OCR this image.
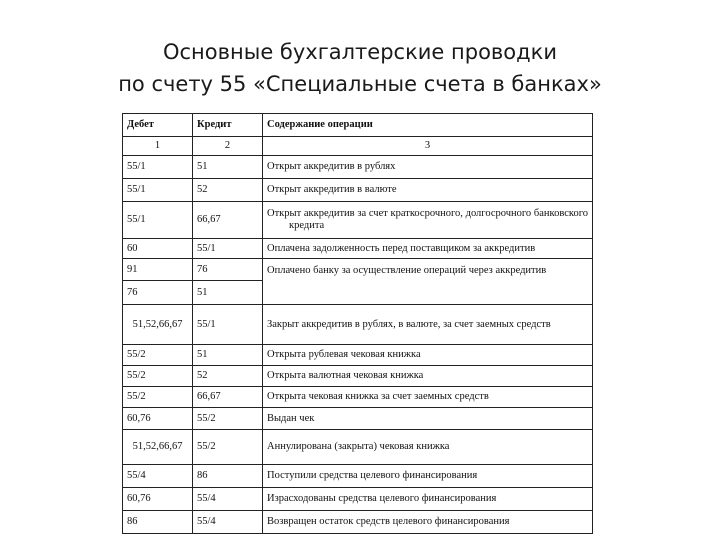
Основные бухгалтерские проводки
по счету 55 «Специальные счета в банках»
Дебет	Кредит	Содержание операции
1	2	3
55/1	51	Открыт аккредитив в рублях
55/1	52	Открыт аккредитив в валюте
55/1	66,67	Открыт аккредитив за счет краткосрочного, долгосрочного банковского кредита
60	55/1	Оплачена задолженность перед поставщиком за аккредитив
91	76	Оплачено банку за осуществление операций через аккредитив
76	51	
51,52,66,67	55/1	Закрыт аккредитив в рублях, в валюте, за счет заемных средств
55/2	51	Открыта рублевая чековая книжка
55/2	52	Открыта валютная чековая книжка
55/2	66,67	Открыта чековая книжка за счет заемных средств
60,76	55/2	Выдан чек
51,52,66,67	55/2	Аннулирована (закрыта) чековая книжка
55/4	86	Поступили средства целевого финансирования
60,76	55/4	Израсходованы средства целевого финансирования
86	55/4	Возвращен остаток средств целевого финансирования
